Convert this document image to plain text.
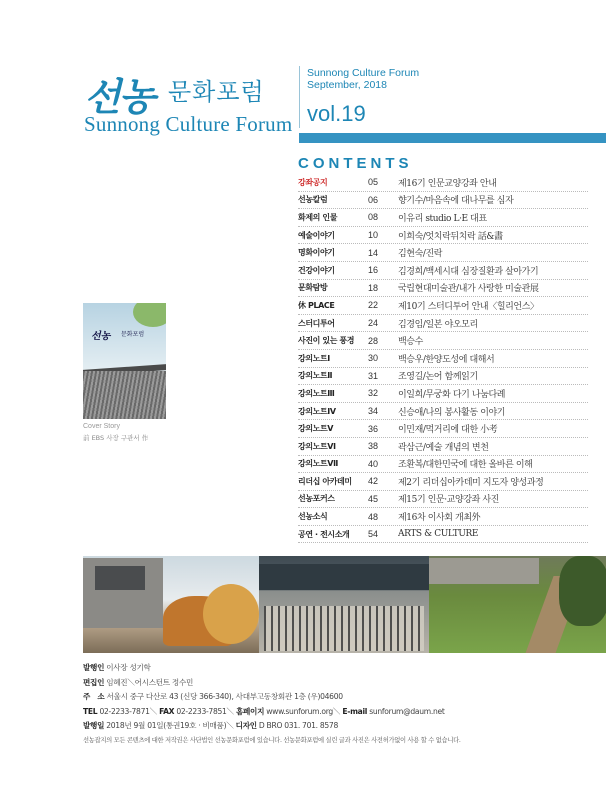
선농 문화포럼
Sunnong Culture Forum
Sunnong Culture Forum
September, 2018
vol.19
CONTENTS
강좌공지	05	제16기 인문교양강좌 안내
선농칼럼	06	향기수/마음속에 대나무를 심자
화제의 인물	08	이유리 studio L·E 대표
예술이야기	10	이희숙/엇치락뒤치락 話&畵
명화이야기	14	김현숙/진락
건강이야기	16	김경희/백세시대 심장질환과 살아가기
문화탐방	18	국립현대미술관/내가 사랑한 미술관展
休 PLACE	22	제10기 스터디투어 안내〈힐리언스〉
스터디투어	24	김경임/일본 야오모리
사진이 있는 풍경	28	백승수
강의노트Ⅰ	30	백승우/한양도성에 대해서
강의노트Ⅱ	31	조영길/논어 함께읽기
강의노트Ⅲ	32	이일희/무궁화 다기 나눔다례
강의노트Ⅳ	34	신승애/나의 봉사활동 이야기
강의노트Ⅴ	36	이민재/먹거리에 대한 小考
강의노트Ⅵ	38	곽삼근/예술 개념의 변천
강의노트Ⅶ	40	조환복/대한민국에 대한 올바른 이해
리더십 아카데미	42	제2기 리더십아카데미 지도자 양성과정
선농포커스	45	제15기 인문·교양강좌 사진
선농소식	48	제16차 이사회 개최外
공연 · 전시소개	54	ARTS & CULTURE
선농 문화포럼
Cover Story
前 EBS 사장 구관서 作
발행인 이사장 성기학
편집인 임혜진＼어시스턴트 정수민
주　소 서울시 중구 다산로 43 (신당 366-340), 사대부고동창회관 1층 (우)04600
TEL 02-2233-7871＼ FAX 02-2233-7851＼ 홈페이지 www.sunforum.org＼ E-mail sunforum@daum.net
발행일 2018년 9월 01일(통권19호 · 비매품)＼ 디자인 D BRO 031. 701. 8578
선농잡지의 모든 콘텐츠에 대한 저작권은 사단법인 선농문화포럼에 있습니다. 선농문화포럼에 실린 글과 사진은 사전허가없이 사용 할 수 없습니다.
